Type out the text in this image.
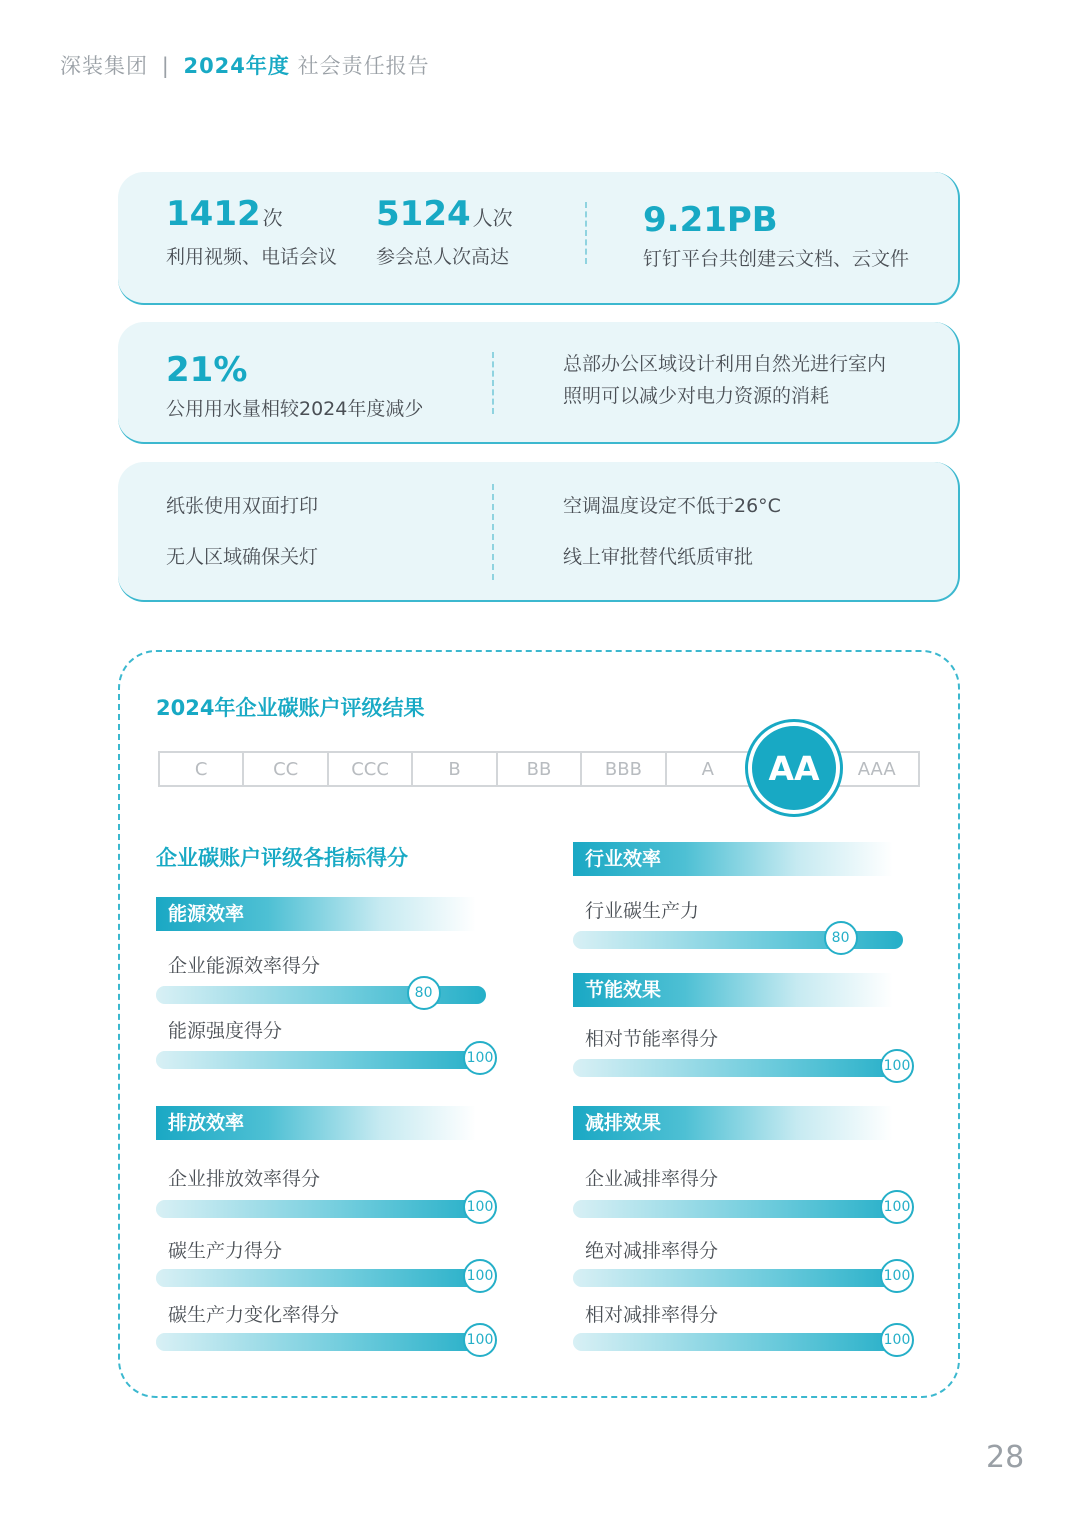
深装集团 | 2024年度 社会责任报告
1412 次
利用视频、电话会议
5124 人次
参会总人次高达
9.21PB
钉钉平台共创建云文档、云文件
21%
公用用水量相较2024年度减少
总部办公区域设计利用自然光进行室内
照明可以减少对电力资源的消耗
纸张使用双面打印
无人区域确保关灯
空调温度设定不低于26°C
线上审批替代纸质审批
2024年企业碳账户评级结果
C	CC	CCC	B	BB	BBB	A	AAA
AA
企业碳账户评级各指标得分
能源效率
企业能源效率得分
80
能源强度得分
100
排放效率
企业排放效率得分
100
碳生产力得分
100
碳生产力变化率得分
100
行业效率
行业碳生产力
80
节能效果
相对节能率得分
100
减排效果
企业减排率得分
100
绝对减排率得分
100
相对减排率得分
100
28
